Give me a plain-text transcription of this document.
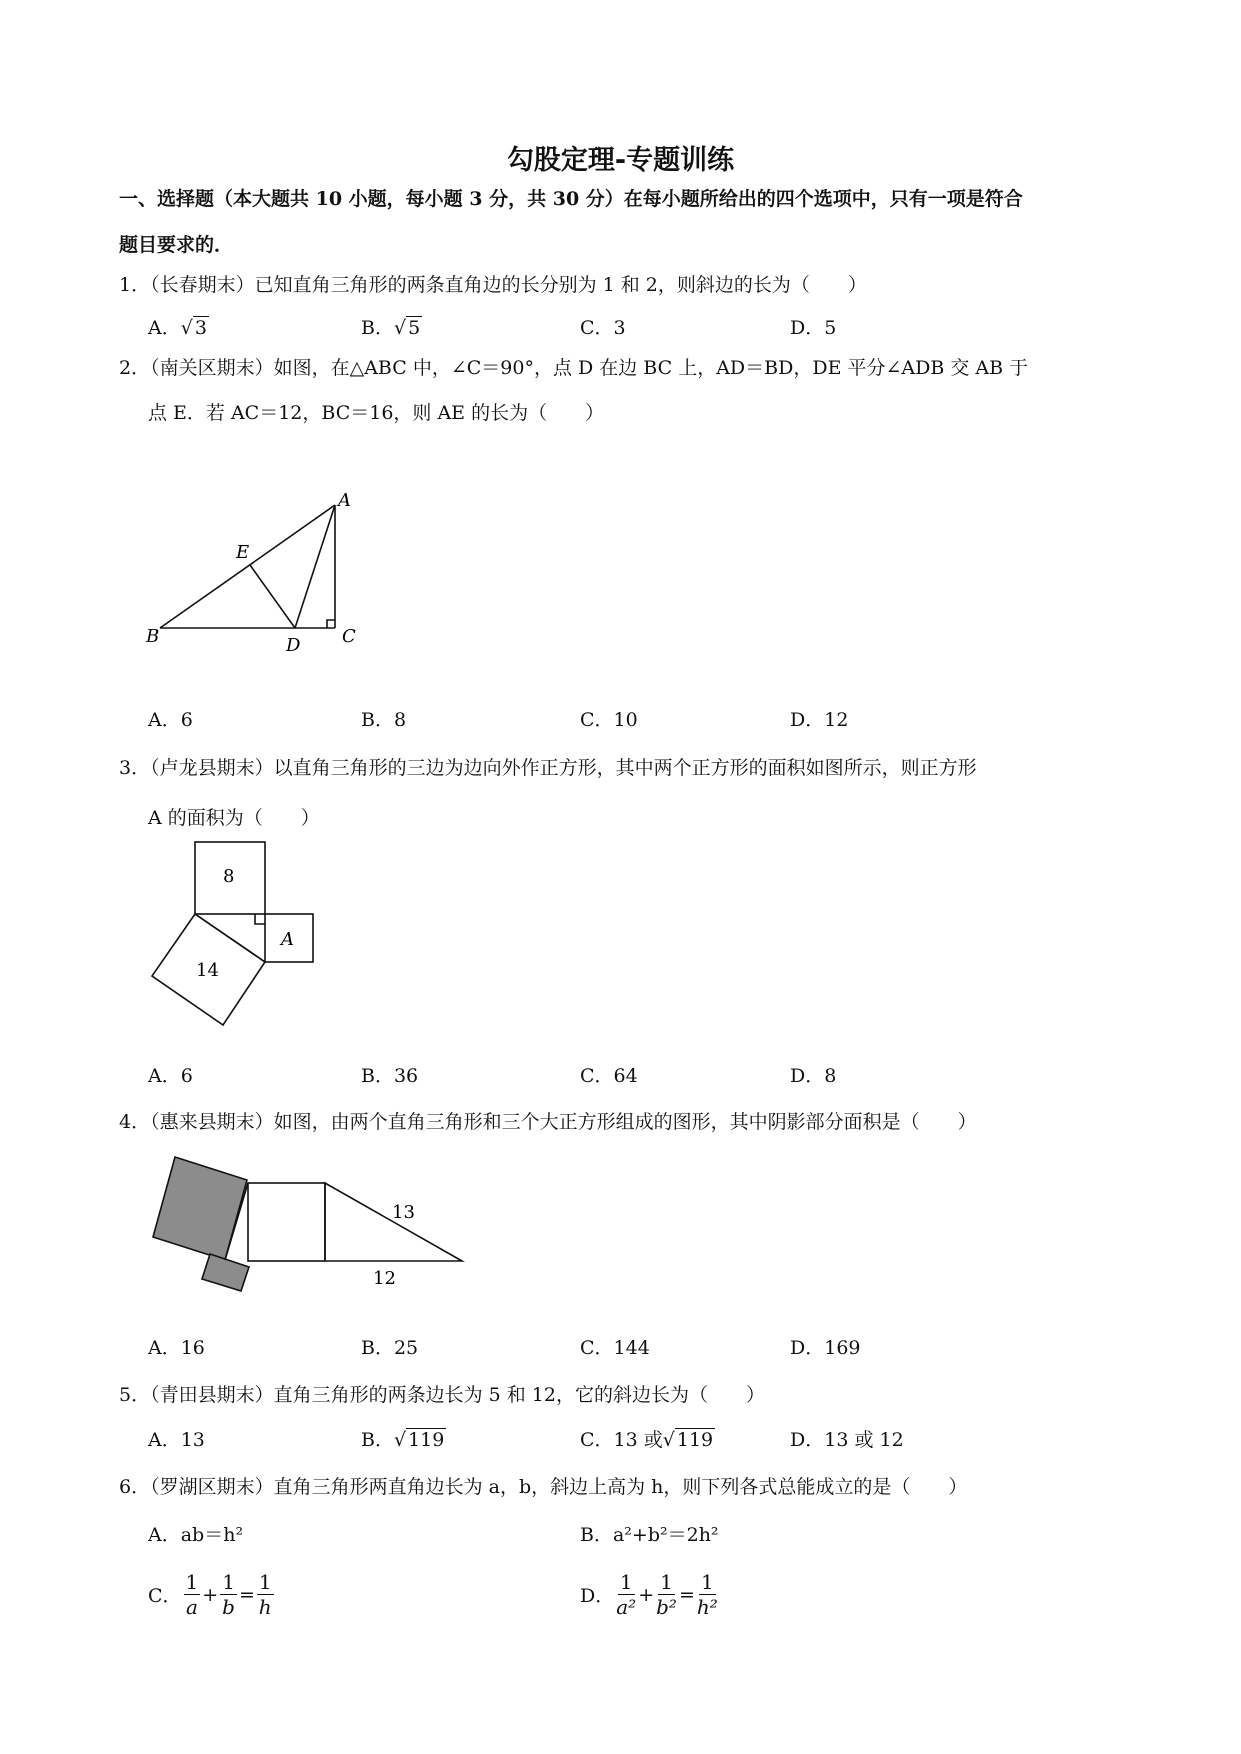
勾股定理-专题训练
一、选择题（本大题共 10 小题，每小题 3 分，共 30 分）在每小题所给出的四个选项中，只有一项是符合
题目要求的．
1．（长春期末）已知直角三角形的两条直角边的长分别为 1 和 2，则斜边的长为（　　）
A．√ 3	B．√ 5	C．3	D．5
2．（南关区期末）如图，在△ABC 中，∠C＝90°，点 D 在边 BC 上，AD＝BD，DE 平分∠ADB 交 AB 于
点 E．若 AC＝12，BC＝16，则 AE 的长为（　　）
A
B	C
D
E
A．6	B．8	C．10	D．12
3．（卢龙县期末）以直角三角形的三边为边向外作正方形，其中两个正方形的面积如图所示，则正方形
A 的面积为（　　）
8
A
14
A．6	B．36	C．64	D．8
4．（惠来县期末）如图，由两个直角三角形和三个大正方形组成的图形，其中阴影部分面积是（　　）
13
12
A．16	B．25	C．144	D．169
5．（青田县期末）直角三角形的两条边长为 5 和 12，它的斜边长为（　　）
A．13	B．√ 119	C．13 或√ 119	D．13 或 12
6．（罗湖区期末）直角三角形两直角边长为 a，b，斜边上高为 h，则下列各式总能成立的是（　　）
A．ab＝h²	B．a²+b²＝2h²
C． $\frac{1}{a} + \frac{1}{b} = \frac{1}{h}$	D． $\frac{1}{\text{a²}} + \frac{1}{\text{b²}} = \frac{1}{\text{h²}}$
